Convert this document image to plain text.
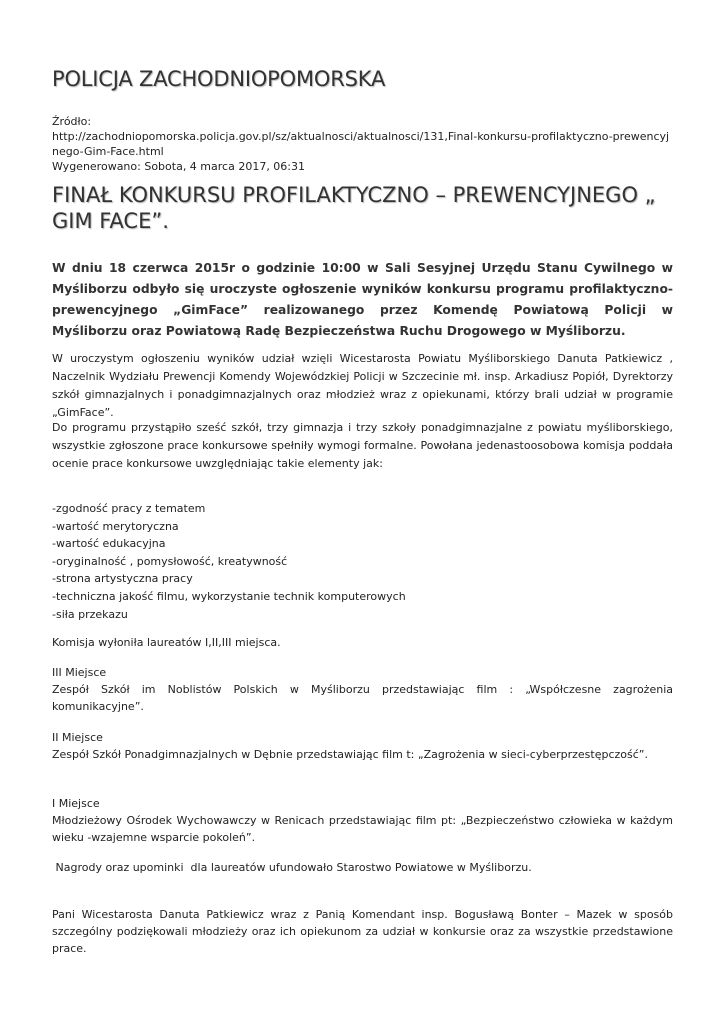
POLICJA ZACHODNIOPOMORSKA
Źródło:
http://zachodniopomorska.policja.gov.pl/sz/aktualnosci/aktualnosci/131,Final-konkursu-profilaktyczno-prewencyjnego-Gim-Face.html
Wygenerowano: Sobota, 4 marca 2017, 06:31
FINAŁ KONKURSU PROFILAKTYCZNO – PREWENCYJNEGO „ GIM FACE”.

W dniu 18 czerwca 2015r o godzinie 10:00 w Sali Sesyjnej Urzędu Stanu Cywilnego w Myśliborzu odbyło się uroczyste ogłoszenie wyników konkursu programu profilaktyczno-prewencyjnego „GimFace” realizowanego przez Komendę Powiatową Policji w Myśliborzu oraz Powiatową Radę Bezpieczeństwa Ruchu Drogowego w Myśliborzu.

W uroczystym ogłoszeniu wyników udział wzięli Wicestarosta Powiatu Myśliborskiego Danuta Patkiewicz , Naczelnik Wydziału Prewencji Komendy Wojewódzkiej Policji w Szczecinie mł. insp. Arkadiusz Popiół, Dyrektorzy szkół gimnazjalnych i ponadgimnazjalnych oraz młodzież wraz z opiekunami, którzy brali udział w programie „GimFace”.

Do programu przystąpiło sześć szkół, trzy gimnazja i trzy szkoły ponadgimnazjalne z powiatu myśliborskiego, wszystkie zgłoszone prace konkursowe spełniły wymogi formalne. Powołana jedenastoosobowa komisja poddała ocenie prace konkursowe uwzględniając takie elementy jak:

-zgodność pracy z tematem
-wartość merytoryczna
-wartość edukacyjna
-oryginalność , pomysłowość, kreatywność
-strona artystyczna pracy
-techniczna jakość filmu, wykorzystanie technik komputerowych
-siła przekazu

Komisja wyłoniła laureatów I,II,III miejsca.

III Miejsce
Zespół Szkół im Noblistów Polskich w Myśliborzu przedstawiając film : „Współczesne zagrożenia komunikacyjne”.
II Miejsce
Zespół Szkół Ponadgimnazjalnych w Dębnie przedstawiając film t: „Zagrożenia w sieci-cyberprzestępczość”.
I Miejsce
Młodzieżowy Ośrodek Wychowawczy w Renicach przedstawiając film pt: „Bezpieczeństwo człowieka w każdym wieku -wzajemne wsparcie pokoleń”.

Nagrody oraz upominki  dla laureatów ufundowało Starostwo Powiatowe w Myśliborzu.

Pani Wicestarosta Danuta Patkiewicz wraz z Panią Komendant insp. Bogusławą Bonter – Mazek w sposób szczególny podziękowali młodzieży oraz ich opiekunom za udział w konkursie oraz za wszystkie przedstawione prace.
